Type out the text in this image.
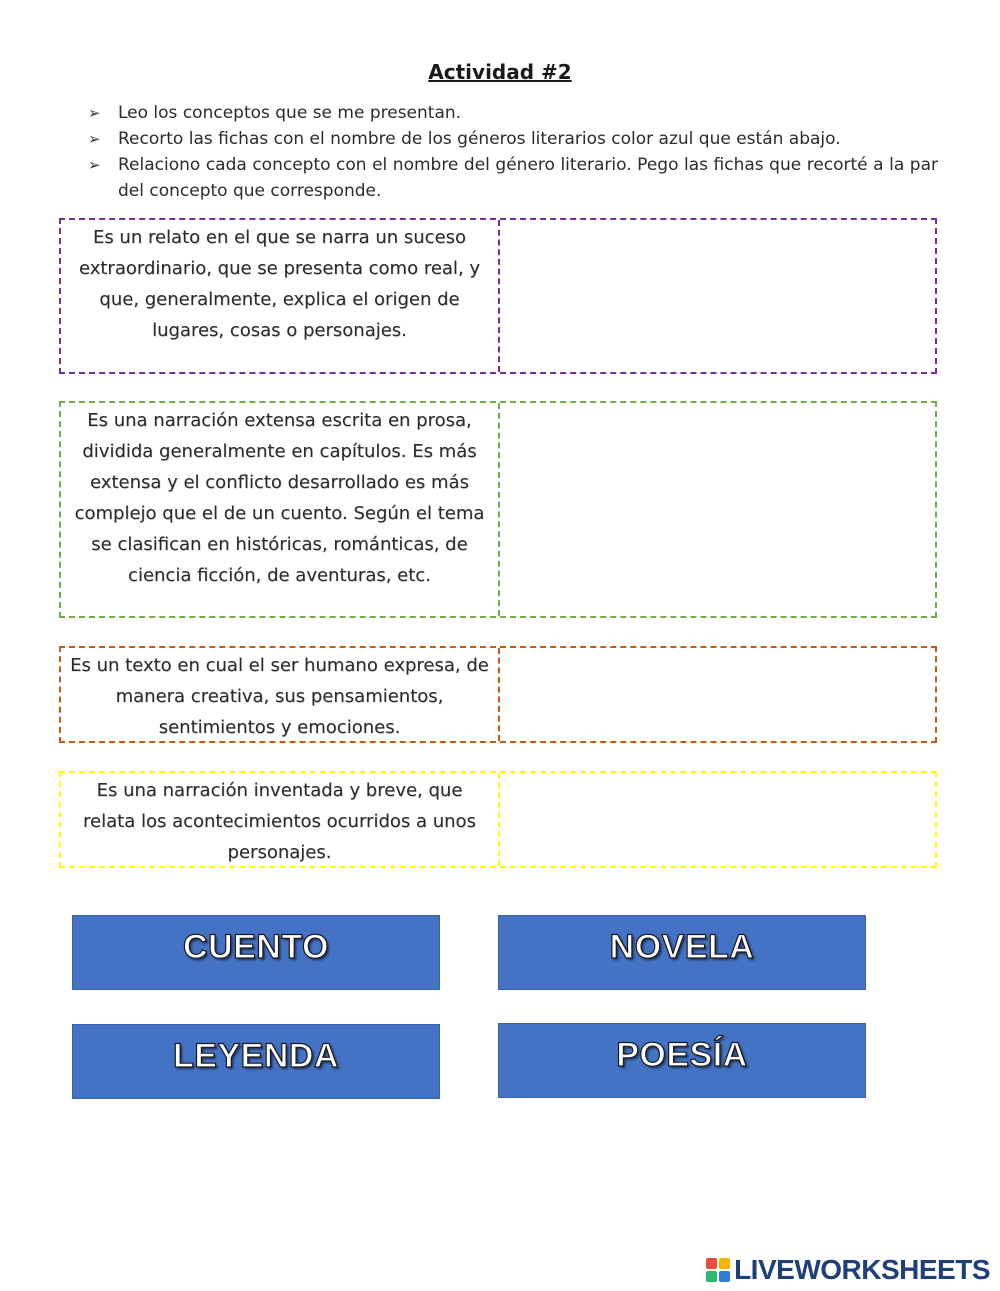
Actividad #2
➢ Leo los conceptos que se me presentan.
➢ Recorto las fichas con el nombre de los géneros literarios color azul que están abajo.
➢ Relaciono cada concepto con el nombre del género literario. Pego las fichas que recorté a la par del concepto que corresponde.
Es un relato en el que se narra un suceso extraordinario, que se presenta como real, y que, generalmente, explica el origen de lugares, cosas o personajes.
Es una narración extensa escrita en prosa, dividida generalmente en capítulos. Es más extensa y el conflicto desarrollado es más complejo que el de un cuento. Según el tema se clasifican en históricas, románticas, de ciencia ficción, de aventuras, etc.
Es un texto en cual el ser humano expresa, de manera creativa, sus pensamientos, sentimientos y emociones.
Es una narración inventada y breve, que relata los acontecimientos ocurridos a unos personajes.
CUENTO	NOVELA
LEYENDA	POESÍA
LIVEWORKSHEETS
